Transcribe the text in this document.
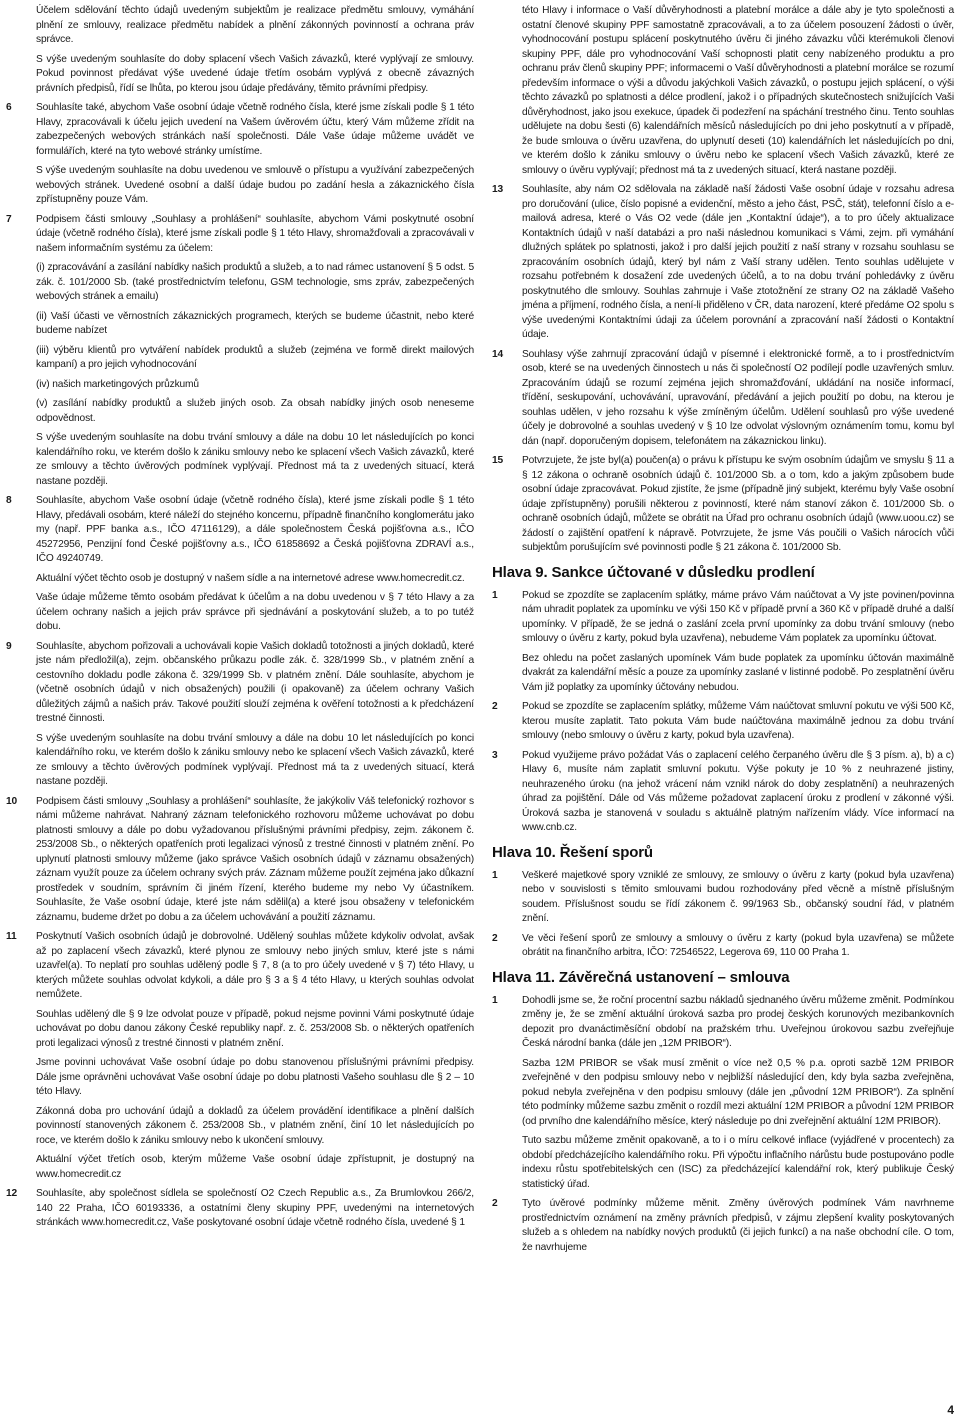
Účelem sdělování těchto údajů uvedeným subjektům je realizace předmětu smlouvy, vymáhání plnění ze smlouvy, realizace předmětu nabídek a plnění zákonných povinností a ochrana práv správce.

S výše uvedeným souhlasíte do doby splacení všech Vašich závazků, které vyplývají ze smlouvy. Pokud povinnost předávat výše uvedené údaje třetím osobám vyplývá z obecně závazných právních předpisů, řídí se lhůta, po kterou jsou údaje předávány, těmito právními předpisy.

6	Souhlasíte také, abychom Vaše osobní údaje včetně rodného čísla, které jsme získali podle § 1 této Hlavy, zpracovávali k účelu jejich uvedení na Vašem úvěrovém účtu, který Vám můžeme zřídit na zabezpečených webových stránkách naší společnosti. Dále Vaše údaje můžeme uvádět ve formulářích, které na tyto webové stránky umístíme.

S výše uvedeným souhlasíte na dobu uvedenou ve smlouvě o přístupu a využívání zabezpečených webových stránek. Uvedené osobní a další údaje budou po zadání hesla a zákaznického čísla zpřístupněny pouze Vám.

7	Podpisem části smlouvy „Souhlasy a prohlášení“ souhlasíte, abychom Vámi poskytnuté osobní údaje (včetně rodného čísla), které jsme získali podle § 1 této Hlavy, shromažďovali a zpracovávali v našem informačním systému za účelem:

(i) zpracovávání a zasílání nabídky našich produktů a služeb, a to nad rámec ustanovení § 5 odst. 5 zák. č. 101/2000 Sb. (také prostřednictvím telefonu, GSM technologie, sms zpráv, zabezpečených webových stránek a emailu)

(ii) Vaší účasti ve věrnostních zákaznických programech, kterých se budeme účastnit, nebo které budeme nabízet

(iii) výběru klientů pro vytváření nabídek produktů a služeb (zejména ve formě direkt mailových kampaní) a pro jejich vyhodnocování

(iv) našich marketingových průzkumů

(v) zasílání nabídky produktů a služeb jiných osob. Za obsah nabídky jiných osob neneseme odpovědnost.

S výše uvedeným souhlasíte na dobu trvání smlouvy a dále na dobu 10 let následujících po konci kalendářního roku, ve kterém došlo k zániku smlouvy nebo ke splacení všech Vašich závazků, které ze smlouvy a těchto úvěrových podmínek vyplývají. Přednost má ta z uvedených situací, která nastane později.

8	Souhlasíte, abychom Vaše osobní údaje (včetně rodného čísla), které jsme získali podle § 1 této Hlavy, předávali osobám, které náleží do stejného koncernu, případně finančního konglomerátu jako my (např. PPF banka a.s., IČO 47116129), a dále společnostem Česká pojišťovna a.s., IČO 45272956, Penzijní fond České pojišťovny a.s., IČO 61858692 a Česká pojišťovna ZDRAVÍ a.s., IČO 49240749.

Aktuální výčet těchto osob je dostupný v našem sídle a na internetové adrese www.homecredit.cz.

Vaše údaje můžeme těmto osobám předávat k účelům a na dobu uvedenou v § 7 této Hlavy a za účelem ochrany našich a jejich práv správce při sjednávání a poskytování služeb, a to po tutéž dobu.

9	Souhlasíte, abychom pořizovali a uchovávali kopie Vašich dokladů totožnosti a jiných dokladů, které jste nám předložil(a), zejm. občanského průkazu podle zák. č. 328/1999 Sb., v platném znění a cestovního dokladu podle zákona č. 329/1999 Sb. v platném znění. Dále souhlasíte, abychom je (včetně osobních údajů v nich obsažených) použili (i opakovaně) za účelem ochrany Vašich důležitých zájmů a našich práv. Takové použití slouží zejména k ověření totožnosti a k předcházení trestné činnosti.

S výše uvedeným souhlasíte na dobu trvání smlouvy a dále na dobu 10 let následujících po konci kalendářního roku, ve kterém došlo k zániku smlouvy nebo ke splacení všech Vašich závazků, které ze smlouvy a těchto úvěrových podmínek vyplývají. Přednost má ta z uvedených situací, která nastane později.

10	Podpisem části smlouvy „Souhlasy a prohlášení“ souhlasíte, že jakýkoliv Váš telefonický rozhovor s námi můžeme nahrávat. Nahraný záznam telefonického rozhovoru můžeme uchovávat po dobu platnosti smlouvy a dále po dobu vyžadovanou příslušnými právními předpisy, zejm. zákonem č. 253/2008 Sb., o některých opatřeních proti legalizaci výnosů z trestné činnosti v platném znění. Po uplynutí platnosti smlouvy můžeme (jako správce Vašich osobních údajů v záznamu obsažených) záznam využít pouze za účelem ochrany svých práv. Záznam můžeme použít zejména jako důkazní prostředek v soudním, správním či jiném řízení, kterého budeme my nebo Vy účastníkem. Souhlasíte, že Vaše osobní údaje, které jste nám sdělil(a) a které jsou obsaženy v telefonickém záznamu, budeme držet po dobu a za účelem uchovávání a použití záznamu.

11	Poskytnutí Vašich osobních údajů je dobrovolné. Udělený souhlas můžete kdykoliv odvolat, avšak až po zaplacení všech závazků, které plynou ze smlouvy nebo jiných smluv, které jste s námi uzavřel(a). To neplatí pro souhlas udělený podle § 7, 8 (a to pro účely uvedené v § 7) této Hlavy, u kterých můžete souhlas odvolat kdykoli, a dále pro § 3 a § 4 této Hlavy, u kterých souhlas odvolat nemůžete.

Souhlas udělený dle § 9 lze odvolat pouze v případě, pokud nejsme povinni Vámi poskytnuté údaje uchovávat po dobu danou zákony České republiky např. z. č. 253/2008 Sb. o některých opatřeních proti legalizaci výnosů z trestné činnosti v platném znění.

Jsme povinni uchovávat Vaše osobní údaje po dobu stanovenou příslušnými právními předpisy. Dále jsme oprávněni uchovávat Vaše osobní údaje po dobu platnosti Vašeho souhlasu dle § 2 – 10 této Hlavy.

Zákonná doba pro uchování údajů a dokladů za účelem provádění identifikace a plnění dalších povinností stanovených zákonem č. 253/2008 Sb., v platném znění, činí 10 let následujících po roce, ve kterém došlo k zániku smlouvy nebo k ukončení smlouvy.

Aktuální výčet třetích osob, kterým můžeme Vaše osobní údaje zpřístupnit, je dostupný na www.homecredit.cz

12	Souhlasíte, aby společnost sídlela se společností O2 Czech Republic a.s., Za Brumlovkou 266/2, 140 22 Praha, IČO 60193336, a ostatními členy skupiny PPF, uvedenými na internetových stránkách www.homecredit.cz, Vaše poskytované osobní údaje včetně rodného čísla, uvedené § 1

této Hlavy i informace o Vaší důvěryhodnosti a platební morálce a dále aby je tyto společnosti a ostatní členové skupiny PPF samostatně zpracovávali, a to za účelem posouzení žádosti o úvěr, vyhodnocování postupu splácení poskytnutého úvěru či jiného závazku vůči kterémukoli členovi skupiny PPF, dále pro vyhodnocování Vaší schopnosti platit ceny nabízeného produktu a pro ochranu práv členů skupiny PPF; informacemi o Vaší důvěryhodnosti a platební morálce se rozumí především informace o výši a důvodu jakýchkoli Vašich závazků, o postupu jejich splácení, o výši těchto závazků po splatnosti a délce prodlení, jakož i o případných skutečnostech snižujících Vaši důvěryhodnost, jako jsou exekuce, úpadek či podezření na spáchání trestného činu. Tento souhlas udělujete na dobu šesti (6) kalendářních měsíců následujících po dni jeho poskytnutí a v případě, že bude smlouva o úvěru uzavřena, do uplynutí deseti (10) kalendářních let následujících po dni, ve kterém došlo k zániku smlouvy o úvěru nebo ke splacení všech Vašich závazků, které ze smlouvy o úvěru vyplývají; přednost má ta z uvedených situací, která nastane později.

13	Souhlasíte, aby nám O2 sdělovala na základě naší žádosti Vaše osobní údaje v rozsahu adresa pro doručování (ulice, číslo popisné a evidenční, město a jeho část, PSČ, stát), telefonní číslo a e-mailová adresa, které o Vás O2 vede (dále jen „Kontaktní údaje“), a to pro účely aktualizace Kontaktních údajů v naší databázi a pro naši následnou komunikaci s Vámi, zejm. při vymáhání dlužných splátek po splatnosti, jakož i pro další jejich použití z naší strany v rozsahu souhlasu se zpracováním osobních údajů, který byl nám z Vaší strany udělen. Tento souhlas udělujete v rozsahu potřebném k dosažení zde uvedených účelů, a to na dobu trvání pohledávky z úvěru poskytnutého dle smlouvy. Souhlas zahrnuje i Vaše ztotožnění ze strany O2 na základě Vašeho jména a příjmení, rodného čísla, a není-li přiděleno v ČR, data narození, které předáme O2 spolu s výše uvedenými Kontaktními údaji za účelem porovnání a zpracování naší žádosti o Kontaktní údaje.

14	Souhlasy výše zahrnují zpracování údajů v písemné i elektronické formě, a to i prostřednictvím osob, které se na uvedených činnostech u nás či společností O2 podílejí podle uzavřených smluv. Zpracováním údajů se rozumí zejména jejich shromažďování, ukládání na nosiče informací, třídění, seskupování, uchovávání, upravování, předávání a jejich použití po dobu, na kterou je souhlas udělen, v jeho rozsahu k výše zmíněným účelům. Udělení souhlasů pro výše uvedené účely je dobrovolné a souhlas uvedený v § 10 lze odvolat výslovným oznámením tomu, komu byl dán (např. doporučeným dopisem, telefonátem na zákaznickou linku).

15	Potvrzujete, že jste byl(a) poučen(a) o právu k přístupu ke svým osobním údajům ve smyslu § 11 a § 12 zákona o ochraně osobních údajů č. 101/2000 Sb. a o tom, kdo a jakým způsobem bude osobní údaje zpracovávat. Pokud zjistíte, že jsme (případně jiný subjekt, kterému byly Vaše osobní údaje zpřístupněny) porušili některou z povinností, které nám stanoví zákon č. 101/2000 Sb. o ochraně osobních údajů, můžete se obrátit na Úřad pro ochranu osobních údajů (www.uoou.cz) se žádostí o zajištění opatření k nápravě. Potvrzujete, že jsme Vás poučili o Vašich nárocích vůči subjektům porušujícím své povinnosti podle § 21 zákona č. 101/2000 Sb.

Hlava 9. Sankce účtované v důsledku prodlení
1	Pokud se zpozdíte se zaplacením splátky, máme právo Vám naúčtovat a Vy jste povinen/povinna nám uhradit poplatek za upomínku ve výši 150 Kč v případě první a 360 Kč v případě druhé a další upomínky. V případě, že se jedná o zaslání zcela první upomínky za dobu trvání smlouvy (nebo smlouvy o úvěru z karty, pokud byla uzavřena), nebudeme Vám poplatek za upomínku účtovat.

Bez ohledu na počet zaslaných upomínek Vám bude poplatek za upomínku účtován maximálně dvakrát za kalendářní měsíc a pouze za upomínky zaslané v listinné podobě. Po zesplatnění úvěru Vám již poplatky za upomínky účtovány nebudou.

2	Pokud se zpozdíte se zaplacením splátky, můžeme Vám naúčtovat smluvní pokutu ve výši 500 Kč, kterou musíte zaplatit. Tato pokuta Vám bude naúčtována maximálně jednou za dobu trvání smlouvy (nebo smlouvy o úvěru z karty, pokud byla uzavřena).

3	Pokud využijeme právo požádat Vás o zaplacení celého čerpaného úvěru dle § 3 písm. a), b) a c) Hlavy 6, musíte nám zaplatit smluvní pokutu. Výše pokuty je 10 % z neuhrazené jistiny, neuhrazeného úroku (na jehož vrácení nám vznikl nárok do doby zesplatnění) a neuhrazených úhrad za pojištění. Dále od Vás můžeme požadovat zaplacení úroku z prodlení v zákonné výši. Úroková sazba je stanovená v souladu s aktuálně platným nařízením vlády. Více informací na www.cnb.cz.

Hlava 10. Řešení sporů
1	Veškeré majetkové spory vzniklé ze smlouvy, ze smlouvy o úvěru z karty (pokud byla uzavřena) nebo v souvislosti s těmito smlouvami budou rozhodovány před věcně a místně příslušným soudem. Příslušnost soudu se řídí zákonem č. 99/1963 Sb., občanský soudní řád, v platném znění.

2	Ve věci řešení sporů ze smlouvy a smlouvy o úvěru z karty (pokud byla uzavřena) se můžete obrátit na finančního arbitra, IČO: 72546522, Legerova 69, 110 00 Praha 1.

Hlava 11. Závěrečná ustanovení – smlouva
1	Dohodli jsme se, že roční procentní sazbu nákladů sjednaného úvěru můžeme změnit. Podmínkou změny je, že se změní aktuální úroková sazba pro prodej českých korunových mezibankovních depozit pro dvanáctiměsíční období na pražském trhu. Uveřejnou úrokovou sazbu zveřejňuje Česká národní banka (dále jen „12M PRIBOR“).

Sazba 12M PRIBOR se však musí změnit o více než 0,5 % p.a. oproti sazbě 12M PRIBOR zveřejněné v den podpisu smlouvy nebo v nejbližší následující den, kdy byla sazba zveřejněna, pokud nebyla zveřejněna v den podpisu smlouvy (dále jen „původní 12M PRIBOR“). Za splnění této podmínky můžeme sazbu změnit o rozdíl mezi aktuální 12M PRIBOR a původní 12M PRIBOR (od prvního dne kalendářního měsíce, který následuje po dni zveřejnění aktuální 12M PRIBOR).

Tuto sazbu můžeme změnit opakovaně, a to i o míru celkové inflace (vyjádřené v procentech) za období předcházejícího kalendářního roku. Při výpočtu inflačního nárůstu bude postupováno podle indexu růstu spotřebitelských cen (ISC) za předcházející kalendářní rok, který publikuje Český statistický úřad.

2	Tyto úvěrové podmínky můžeme měnit. Změny úvěrových podmínek Vám navrhneme prostřednictvím oznámení na změny právních předpisů, v zájmu zlepšení kvality poskytovaných služeb a s ohledem na nabídky nových produktů (či jejich funkcí) a na naše obchodní cíle. O tom, že navrhujeme

4
